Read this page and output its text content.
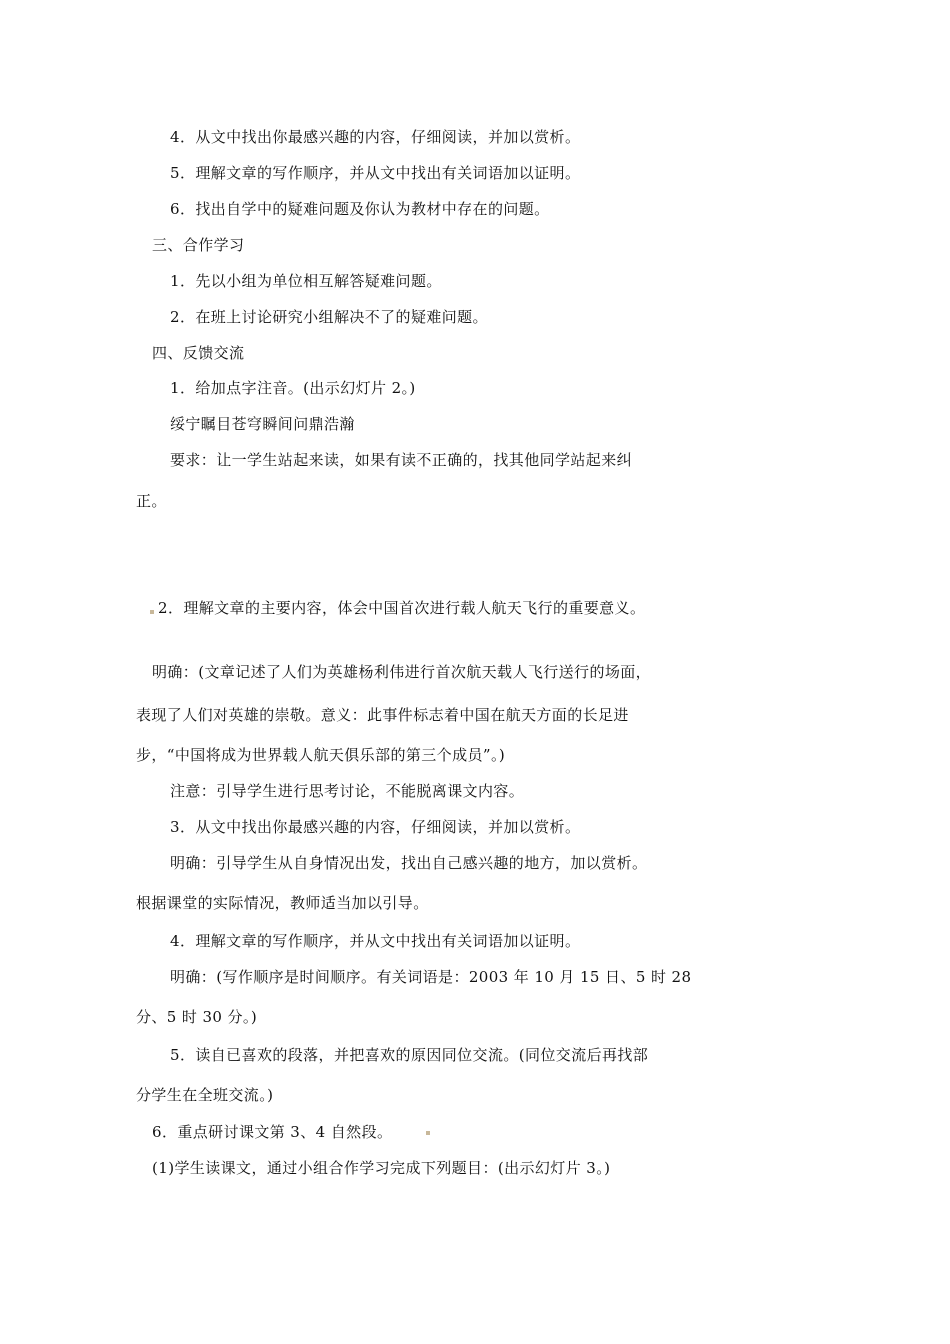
4．从文中找出你最感兴趣的内容，仔细阅读，并加以赏析。
5．理解文章的写作顺序，并从文中找出有关词语加以证明。
6．找出自学中的疑难问题及你认为教材中存在的问题。
三、合作学习
1．先以小组为单位相互解答疑难问题。
2．在班上讨论研究小组解决不了的疑难问题。
四、反馈交流
1．给加点字注音。(出示幻灯片 2。)
绥宁瞩目苍穹瞬间问鼎浩瀚
要求：让一学生站起来读，如果有读不正确的，找其他同学站起来纠
正。
2．理解文章的主要内容，体会中国首次进行载人航天飞行的重要意义。
明确：(文章记述了人们为英雄杨利伟进行首次航天载人飞行送行的场面，
表现了人们对英雄的崇敬。意义：此事件标志着中国在航天方面的长足进
步，“中国将成为世界载人航天俱乐部的第三个成员”。)
注意：引导学生进行思考讨论，不能脱离课文内容。
3．从文中找出你最感兴趣的内容，仔细阅读，并加以赏析。
明确：引导学生从自身情况出发，找出自己感兴趣的地方，加以赏析。
根据课堂的实际情况，教师适当加以引导。
4．理解文章的写作顺序，并从文中找出有关词语加以证明。
明确：(写作顺序是时间顺序。有关词语是：2003 年 10 月 15 日、5 时 28
分、5 时 30 分。)
5．读自已喜欢的段落，并把喜欢的原因同位交流。(同位交流后再找部
分学生在全班交流。)
6．重点研讨课文第 3、4 自然段。
(1)学生读课文，通过小组合作学习完成下列题目：(出示幻灯片 3。)
